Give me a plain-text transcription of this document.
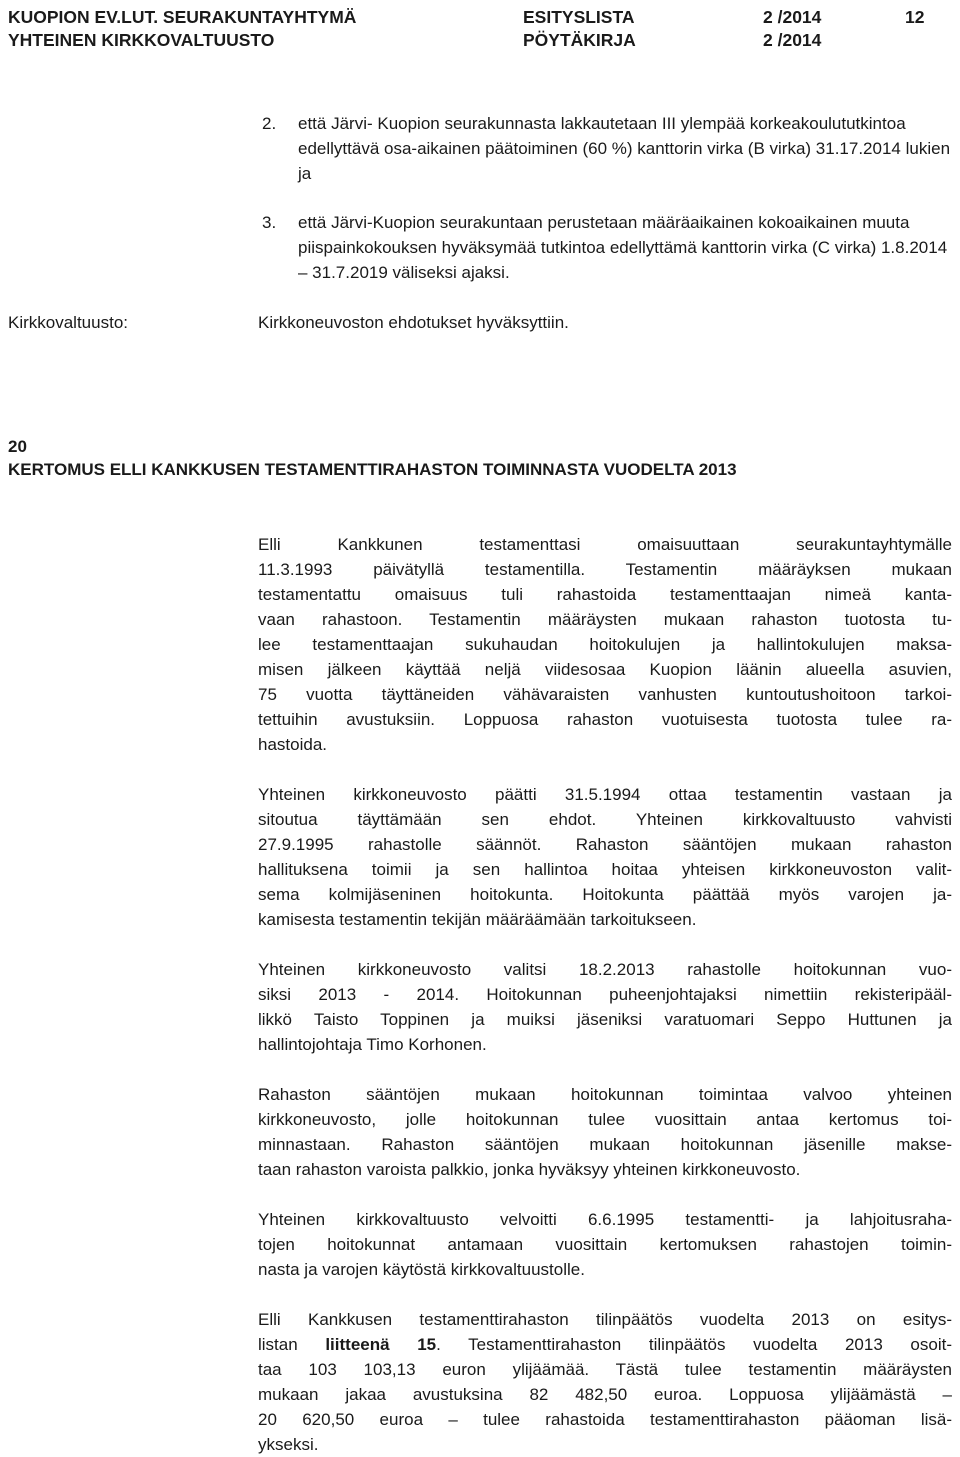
KUOPION EV.LUT. SEURAKUNTAYHTYMÄ
YHTEINEN KIRKKOVALTUUSTO
ESITYSLISTA
PÖYTÄKIRJA
2 /2014
2 /2014
12
2. että Järvi- Kuopion seurakunnasta lakkautetaan III ylempää korkeakoulututkintoa edellyttävä osa-aikainen päätoiminen (60 %) kanttorin virka (B virka) 31.17.2014 lukien ja
3. että Järvi-Kuopion seurakuntaan perustetaan määräaikainen kokoaikainen muuta piispainkokouksen hyväksymää tutkintoa edellyttämä kanttorin virka (C virka) 1.8.2014 – 31.7.2019 väliseksi ajaksi.
Kirkkovaltuusto:	Kirkkoneuvoston ehdotukset hyväksyttiin.
20
KERTOMUS ELLI KANKKUSEN TESTAMENTTIRAHASTON TOIMINNASTA VUODELTA 2013

Elli Kankkunen testamenttasi omaisuuttaan seurakuntayhtymälle
11.3.1993 päivätyllä testamentilla. Testamentin määräyksen mukaan
testamentattu omaisuus tuli rahastoida testamenttaajan nimeä kanta-
vaan rahastoon. Testamentin määräysten mukaan rahaston tuotosta tu-
lee testamenttaajan sukuhaudan hoitokulujen ja hallintokulujen maksa-
misen jälkeen käyttää neljä viidesosaa Kuopion läänin alueella asuvien,
75 vuotta täyttäneiden vähävaraisten vanhusten kuntoutushoitoon tarkoi-
tettuihin avustuksiin. Loppuosa rahaston vuotuisesta tuotosta tulee ra-
hastoida.

Yhteinen kirkkoneuvosto päätti 31.5.1994 ottaa testamentin vastaan ja
sitoutua täyttämään sen ehdot. Yhteinen kirkkovaltuusto vahvisti
27.9.1995 rahastolle säännöt. Rahaston sääntöjen mukaan rahaston
hallituksena toimii ja sen hallintoa hoitaa yhteisen kirkkoneuvoston valit-
sema kolmijäseninen hoitokunta. Hoitokunta päättää myös varojen ja-
kamisesta testamentin tekijän määräämään tarkoitukseen.

Yhteinen kirkkoneuvosto valitsi 18.2.2013 rahastolle hoitokunnan vuo-
siksi 2013 - 2014. Hoitokunnan puheenjohtajaksi nimettiin rekisteripääl-
likkö Taisto Toppinen ja muiksi jäseniksi varatuomari Seppo Huttunen ja
hallintojohtaja Timo Korhonen.

Rahaston sääntöjen mukaan hoitokunnan toimintaa valvoo yhteinen
kirkkoneuvosto, jolle hoitokunnan tulee vuosittain antaa kertomus toi-
minnastaan. Rahaston sääntöjen mukaan hoitokunnan jäsenille makse-
taan rahaston varoista palkkio, jonka hyväksyy yhteinen kirkkoneuvosto.

Yhteinen kirkkovaltuusto velvoitti 6.6.1995 testamentti- ja lahjoitusraha-
tojen hoitokunnat antamaan vuosittain kertomuksen rahastojen toimin-
nasta ja varojen käytöstä kirkkovaltuustolle.

Elli Kankkusen testamenttirahaston tilinpäätös vuodelta 2013 on esitys-
listan liitteenä 15. Testamenttirahaston tilinpäätös vuodelta 2013 osoit-
taa 103 103,13 euron ylijäämää. Tästä tulee testamentin määräysten
mukaan jakaa avustuksina 82 482,50 euroa. Loppuosa ylijäämästä –
20 620,50 euroa – tulee rahastoida testamenttirahaston pääoman lisä-
ykseksi.
